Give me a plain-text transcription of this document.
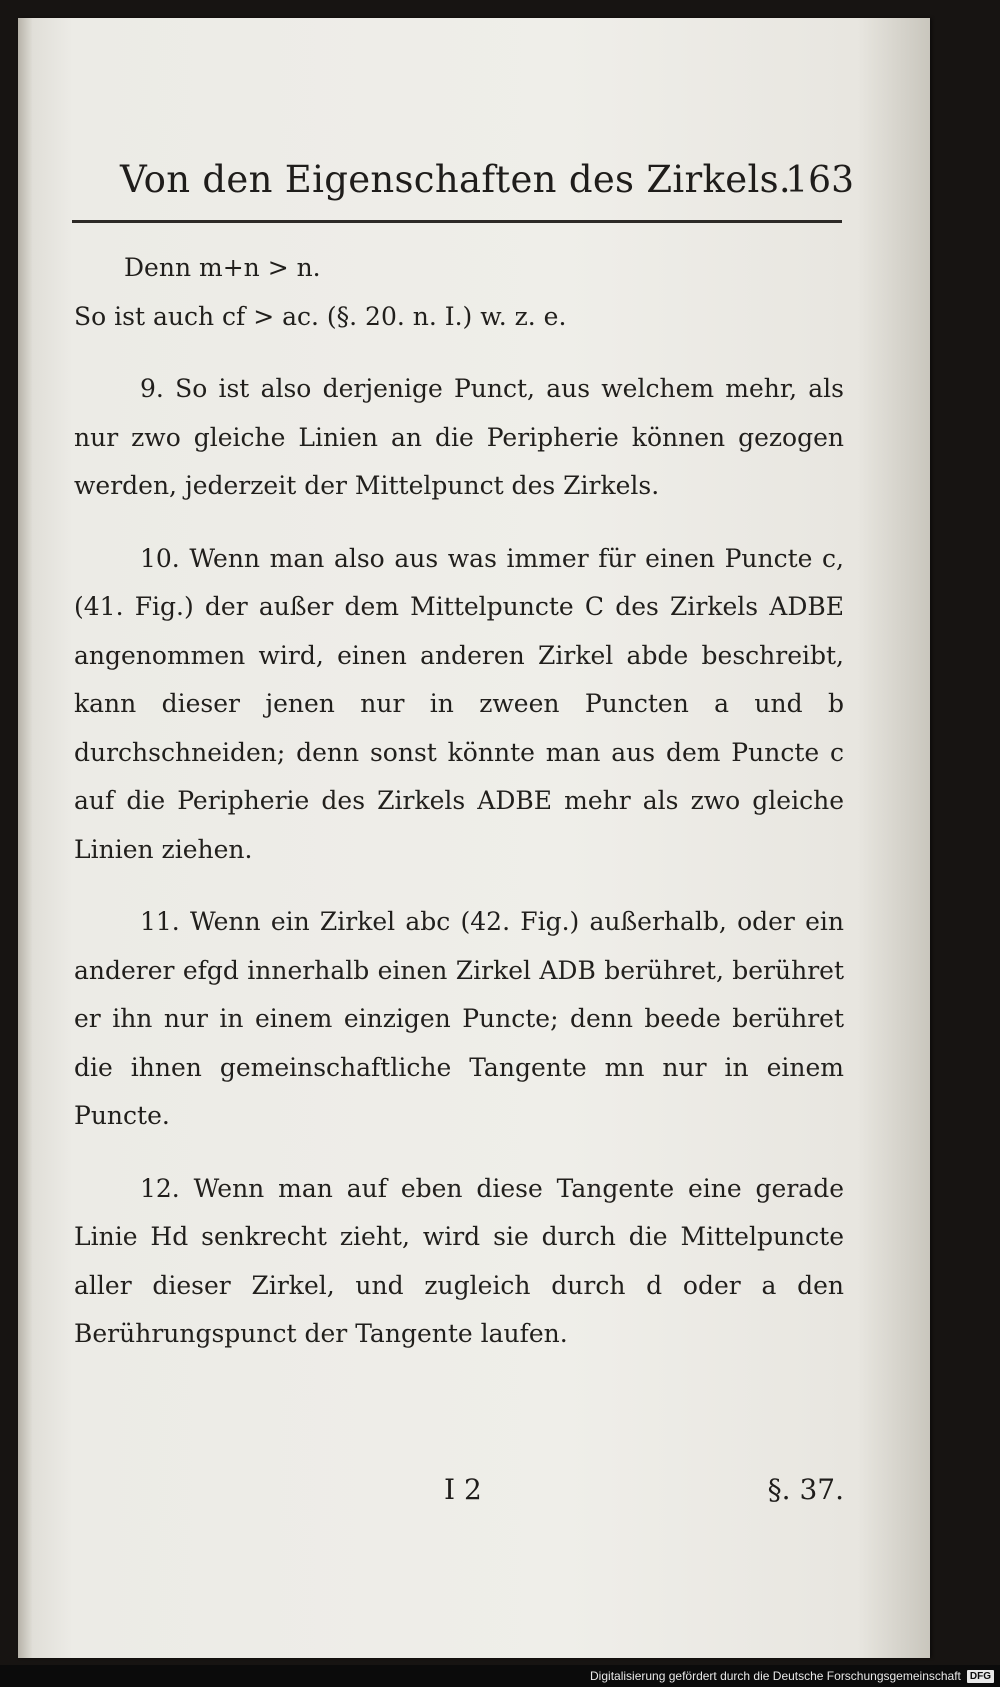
Von den Eigenschaften des Zirkels.
163
Denn m+n > n.
So ist auch cf > ac. (§. 20. n. I.) w. z. e.

9. So ist also derjenige Punct, aus welchem mehr, als nur zwo gleiche Linien an die Peripherie können gezogen werden, jederzeit der Mittelpunct des Zirkels.

10. Wenn man also aus was immer für einen Puncte c, (41. Fig.) der außer dem Mittelpuncte C des Zirkels ADBE angenommen wird, einen anderen Zirkel abde beschreibt, kann dieser jenen nur in zween Puncten a und b durchschneiden; denn sonst könnte man aus dem Puncte c auf die Peripherie des Zirkels ADBE mehr als zwo gleiche Linien ziehen.

11. Wenn ein Zirkel abc (42. Fig.) außerhalb, oder ein anderer efgd innerhalb einen Zirkel ADB berühret, berühret er ihn nur in einem einzigen Puncte; denn beede berühret die ihnen gemeinschaftliche Tangente mn nur in einem Puncte.

12. Wenn man auf eben diese Tangente eine gerade Linie Hd senkrecht zieht, wird sie durch die Mittelpuncte aller dieser Zirkel, und zugleich durch d oder a den Berührungspunct der Tangente laufen.

I 2	§. 37.
Digitalisierung gefördert durch die Deutsche Forschungsgemeinschaft DFG
